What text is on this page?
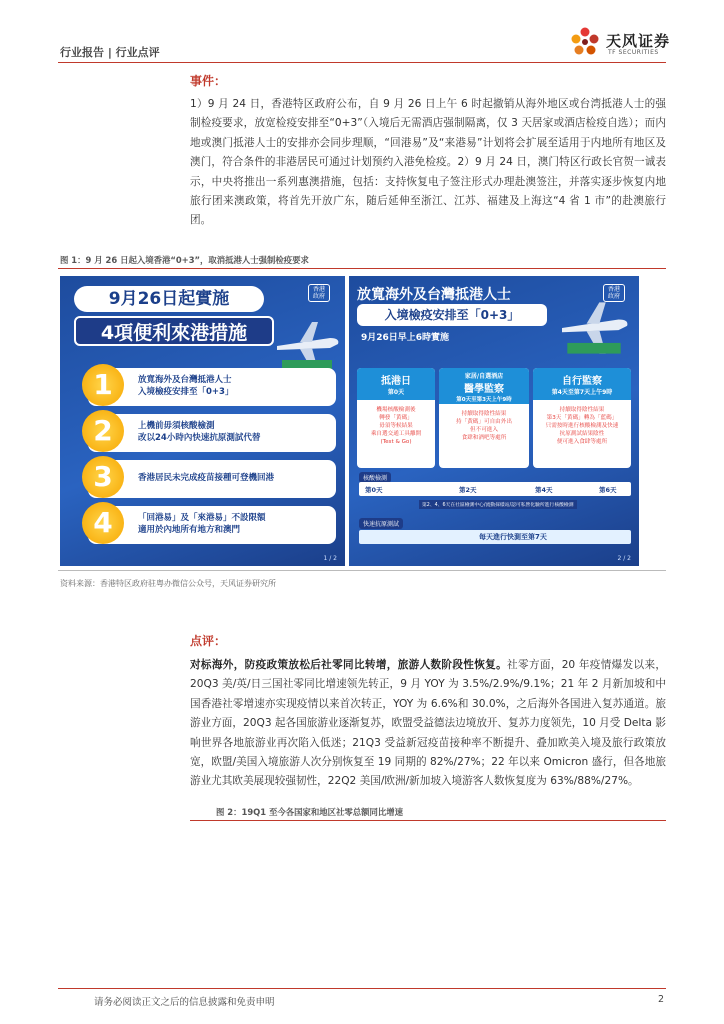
行业报告 | 行业点评
天风证券
TF SECURITIES
事件：

1）9 月 24 日，香港特区政府公布，自 9 月 26 日上午 6 时起撤销从海外地区或台湾抵港人士的强制检疫要求，放宽检疫安排至“0+3”（入境后无需酒店强制隔离，仅 3 天居家或酒店检疫自选）；而内地或澳门抵港人士的安排亦会同步理顺，“回港易”及“来港易”计划将会扩展至适用于内地所有地区及澳门，符合条件的非港居民可通过计划预约入港免检疫。2）9 月 24 日，澳门特区行政长官贺一诚表示，中央将推出一系列惠澳措施，包括：支持恢复电子签注形式办理赴澳签注，并落实逐步恢复内地旅行团来澳政策，将首先开放广东，随后延伸至浙江、江苏、福建及上海这“4 省 1 市”的赴澳旅行团。

图 1：9 月 26 日起入境香港“0+3”，取消抵港人士强制检疫要求
9月26日起實施
4項便利來港措施
香港
政府
1	放寬海外及台灣抵港人士
入境檢疫安排至「0+3」
2	上機前毋須核酸檢測
改以24小時內快速抗原測試代替
3	香港居民未完成疫苗接種可登機回港
4	「回港易」及「來港易」不設限額
適用於內地所有地方和澳門
1 / 2
放寬海外及台灣抵港人士
入境檢疫安排至「0+3」
9月26日早上6時實施
香港
政府
抵港日
第0天
機場核酸檢測後
轉發「黃碼」
毋須等候結果
乘自選交通工具離開
(Test & Go)
家居/自選酒店
醫學監察
第0天至第3天上午9時
持續取得陰性結果
持「黃碼」可自由外出
但不可進入
食肆和酒吧等處所
自行監察
第4天至第7天上午9時
持續取得陰性結果
第3天「黃碼」轉為「藍碼」
只需按時進行核酸檢測及快速
抗原測試結果陰性
便可進入食肆等處所
核酸檢測
第0天	第2天	第4天	第6天
第2、4、6天在社區檢測中心/流動採樣站/認可私營化驗所進行核酸檢測
快速抗原測試
每天進行快測至第7天
2 / 2
资料来源：香港特区政府驻粤办微信公众号，天风证券研究所
点评：

对标海外，防疫政策放松后社零同比转增，旅游人数阶段性恢复。社零方面，20 年疫情爆发以来，20Q3 美/英/日三国社零同比增速领先转正，9 月 YOY 为 3.5%/2.9%/9.1%；21 年 2 月新加坡和中国香港社零增速亦实现疫情以来首次转正，YOY 为 6.6%和 30.0%，之后海外各国进入复苏通道。旅游业方面，20Q3 起各国旅游业逐渐复苏，欧盟受益德法边境放开、复苏力度领先，10 月受 Delta 影响世界各地旅游业再次陷入低迷；21Q3 受益新冠疫苗接种率不断提升、叠加欧美入境及旅行政策放宽，欧盟/美国入境旅游人次分别恢复至 19 同期的 82%/27%；22 年以来 Omicron 盛行，但各地旅游业尤其欧美展现较强韧性，22Q2 美国/欧洲/新加坡入境游客人数恢复度为 63%/88%/27%。

图 2：19Q1 至今各国家和地区社零总额同比增速
请务必阅读正文之后的信息披露和免责申明	2
